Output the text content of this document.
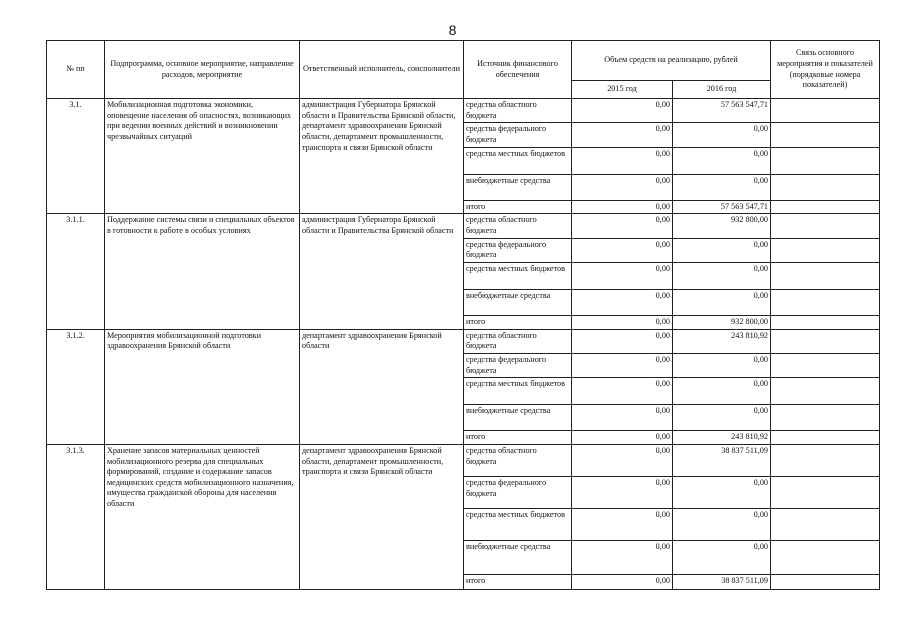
8
№ пп	Подпрограмма, основное мероприятие, направление расходов, мероприятие	Ответственный исполнитель, соисполнители	Источник финансового обеспечения	Объем средств на реализацию, рублей		Связь основного мероприятия и показателей (порядковые номера показателей)
				2015 год	2016 год	
3.1.	Мобилизационная подготовка экономики, оповещение населения об опасностях, возникающих при ведении военных действий и возникновении чрезвычайных ситуаций	администрация Губернатора Брянской области и Правительства Брянской области, департамент здравоохранения Брянской области, департамент промышленности, транспорта и связи Брянской области	средства областного бюджета	0,00	57 563 547,71	
			средства федерального бюджета	0,00	0,00	
			средства местных бюджетов	0,00	0,00	
			внебюджетные средства	0,00	0,00	
			итого	0,00	57 563 547,71	
3.1.1.	Поддержание системы связи и специальных объектов в готовности к работе в особых условиях	администрация Губернатора Брянской области и Правительства Брянской области	средства областного бюджета	0,00	932 800,00	
			средства федерального бюджета	0,00	0,00	
			средства местных бюджетов	0,00	0,00	
			внебюджетные средства	0,00	0,00	
			итого	0,00	932 800,00	
3.1.2.	Мероприятия мобилизационной подготовки здравоохранения Брянской области	департамент здравоохранения Брянской области	средства областного бюджета	0,00	243 810,92	
			средства федерального бюджета	0,00	0,00	
			средства местных бюджетов	0,00	0,00	
			внебюджетные средства	0,00	0,00	
			итого	0,00	243 810,92	
3.1.3.	Хранение запасов материальных ценностей мобилизационного резерва для специальных формирований, создание и содержание запасов медицинских средств мобилизационного назначения, имущества гражданской обороны для населения области	департамент здравоохранения Брянской области, департамент промышленности, транспорта и связи Брянской области	средства областного бюджета	0,00	38 837 511,09	
			средства федерального бюджета	0,00	0,00	
			средства местных бюджетов	0,00	0,00	
			внебюджетные средства	0,00	0,00	
			итого	0,00	38 837 511,09	
